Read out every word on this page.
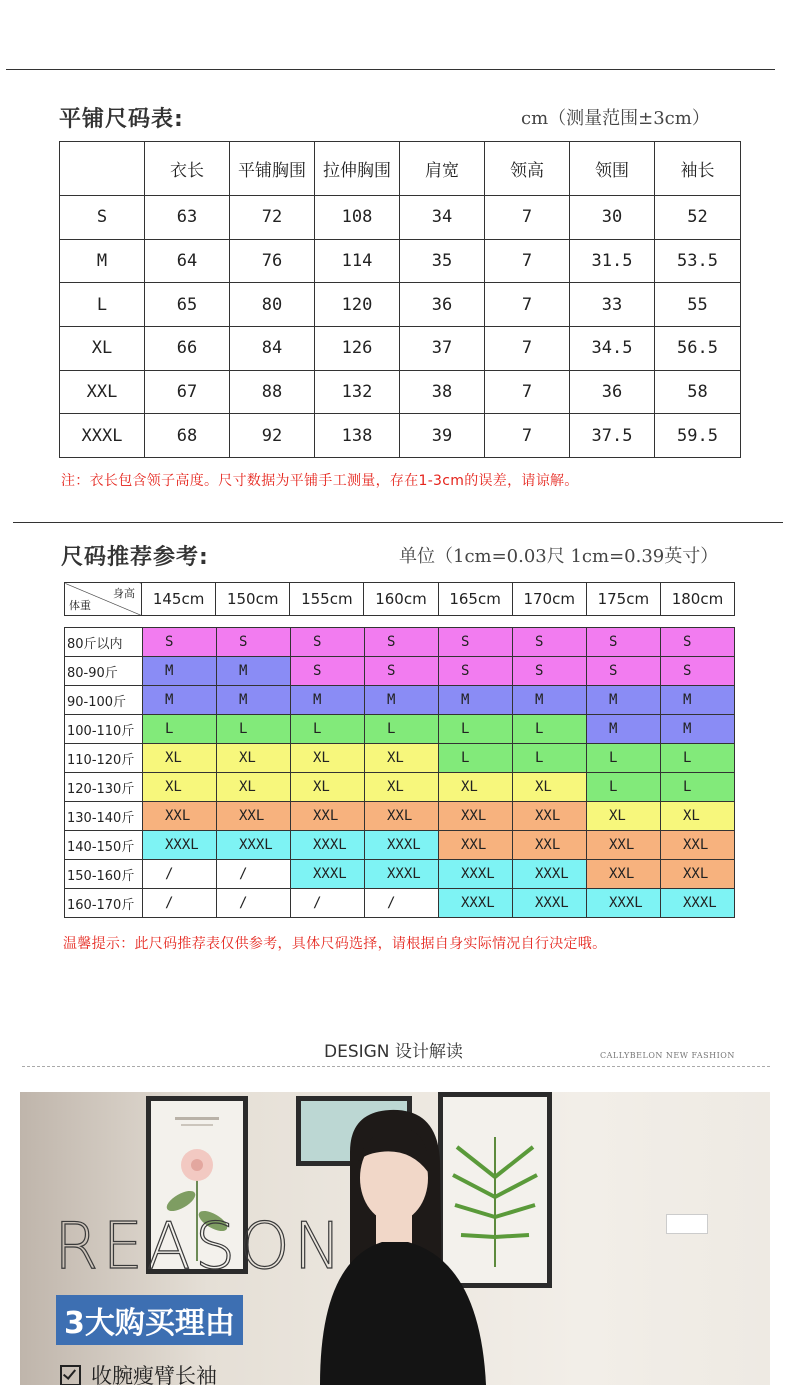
平铺尺码表:	cm（测量范围±3cm）
	衣长	平铺胸围	拉伸胸围	肩宽	领高	领围	袖长
S	63	72	108	34	7	30	52
M	64	76	114	35	7	31.5	53.5
L	65	80	120	36	7	33	55
XL	66	84	126	37	7	34.5	56.5
XXL	67	88	132	38	7	36	58
XXXL	68	92	138	39	7	37.5	59.5
注：衣长包含领子高度。尺寸数据为平铺手工测量，存在1-3cm的误差，请谅解。
尺码推荐参考:	单位（1cm=0.03尺 1cm=0.39英寸）
身高
体重	145cm	150cm	155cm	160cm	165cm	170cm	175cm	180cm
80斤以内	S	S	S	S	S	S	S	S
80-90斤	M	M	S	S	S	S	S	S
90-100斤	M	M	M	M	M	M	M	M
100-110斤	L	L	L	L	L	L	M	M
110-120斤	XL	XL	XL	XL	L	L	L	L
120-130斤	XL	XL	XL	XL	XL	XL	L	L
130-140斤	XXL	XXL	XXL	XXL	XXL	XXL	XL	XL
140-150斤	XXXL	XXXL	XXXL	XXXL	XXL	XXL	XXL	XXL
150-160斤	/	/	XXXL	XXXL	XXXL	XXXL	XXL	XXL
160-170斤	/	/	/	/	XXXL	XXXL	XXXL	XXXL
温馨提示：此尺码推荐表仅供参考，具体尺码选择，请根据自身实际情况自行决定哦。
DESIGN 设计解读	CALLYBELON NEW FASHION
REASON
3大购买理由
收腕瘦臂长袖
